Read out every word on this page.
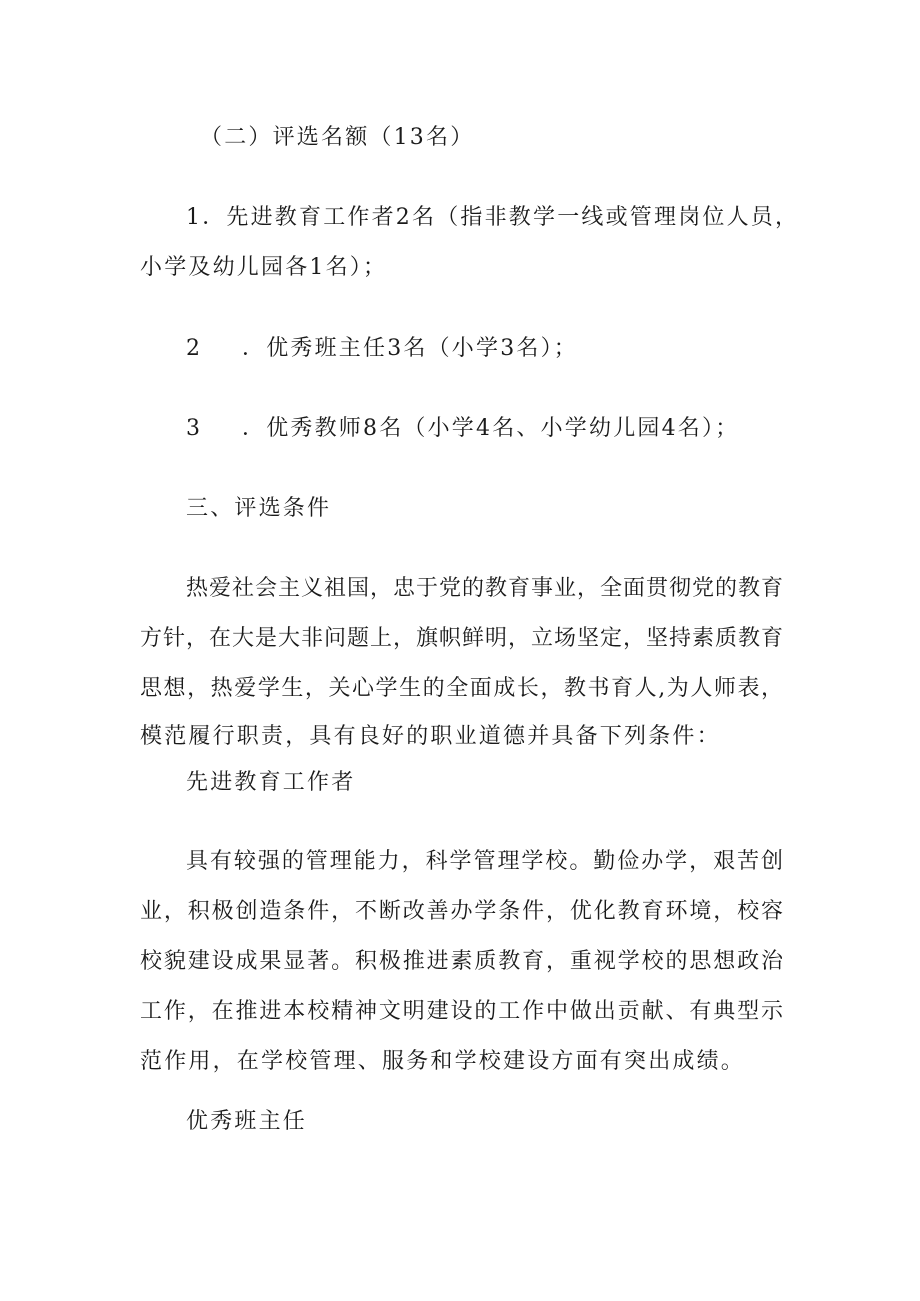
（二）评选名额（13名）
1．先进教育工作者2名（指非教学一线或管理岗位人员，
小学及幼儿园各1名）；
2 ．优秀班主任3名（小学3名）；
3 ．优秀教师8名（小学4名、小学幼儿园4名）；
三、评选条件
热爱社会主义祖国，忠于党的教育事业，全面贯彻党的教育
方针，在大是大非问题上，旗帜鲜明，立场坚定，坚持素质教育
思想，热爱学生，关心学生的全面成长，教书育人,为人师表，
模范履行职责，具有良好的职业道德并具备下列条件：
先进教育工作者
具有较强的管理能力，科学管理学校。勤俭办学，艰苦创
业，积极创造条件，不断改善办学条件，优化教育环境，校容
校貌建设成果显著。积极推进素质教育，重视学校的思想政治
工作，在推进本校精神文明建设的工作中做出贡献、有典型示
范作用，在学校管理、服务和学校建设方面有突出成绩。
优秀班主任
